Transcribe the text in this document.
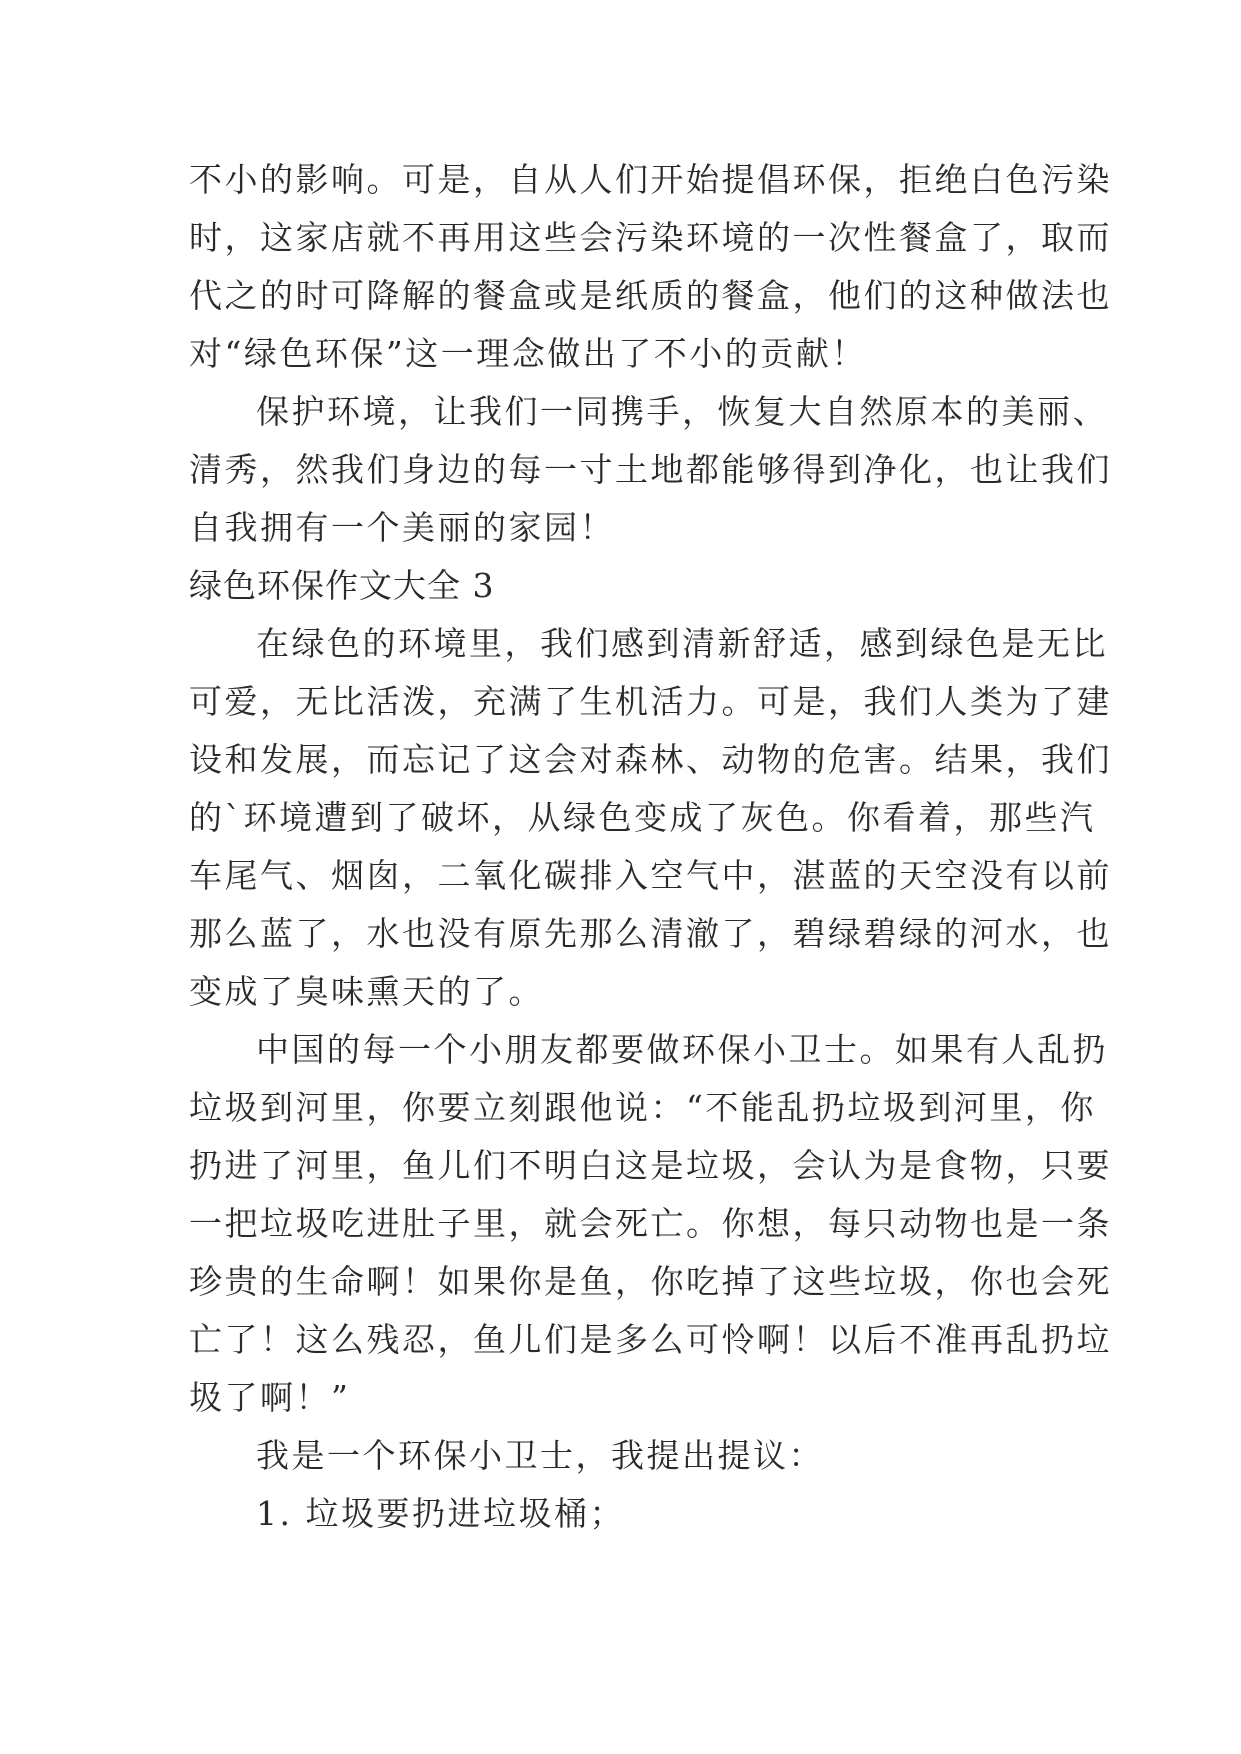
不小的影响。可是，自从人们开始提倡环保，拒绝白色污染
时，这家店就不再用这些会污染环境的一次性餐盒了，取而
代之的时可降解的餐盒或是纸质的餐盒，他们的这种做法也
对“绿色环保”这一理念做出了不小的贡献！
保护环境，让我们一同携手，恢复大自然原本的美丽、
清秀，然我们身边的每一寸土地都能够得到净化，也让我们
自我拥有一个美丽的家园！
绿色环保作文大全 3
在绿色的环境里，我们感到清新舒适，感到绿色是无比
可爱，无比活泼，充满了生机活力。可是，我们人类为了建
设和发展，而忘记了这会对森林、动物的危害。结果，我们
的`环境遭到了破坏，从绿色变成了灰色。你看着，那些汽
车尾气、烟囱，二氧化碳排入空气中，湛蓝的天空没有以前
那么蓝了，水也没有原先那么清澈了，碧绿碧绿的河水，也
变成了臭味熏天的了。
中国的每一个小朋友都要做环保小卫士。如果有人乱扔
垃圾到河里，你要立刻跟他说：“不能乱扔垃圾到河里，你
扔进了河里，鱼儿们不明白这是垃圾，会认为是食物，只要
一把垃圾吃进肚子里，就会死亡。你想，每只动物也是一条
珍贵的生命啊！如果你是鱼，你吃掉了这些垃圾，你也会死
亡了！这么残忍，鱼儿们是多么可怜啊！以后不准再乱扔垃
圾了啊！”
我是一个环保小卫士，我提出提议：
1. 垃圾要扔进垃圾桶；
